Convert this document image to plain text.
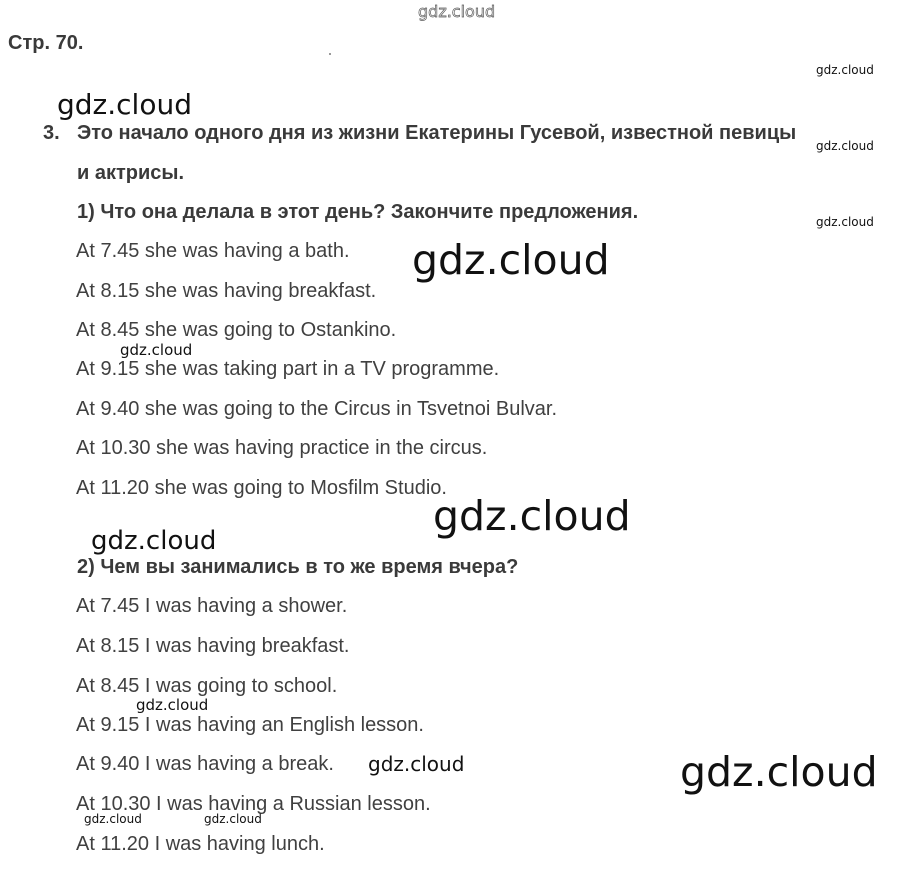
gdz.cloud
Стр. 70.
3. Это начало одного дня из жизни Екатерины Гусевой, известной певицы
и актрисы.
1) Что она делала в этот день? Закончите предложения.
At 7.45 she was having a bath.
At 8.15 she was having breakfast.
At 8.45 she was going to Ostankino.
At 9.15 she was taking part in a TV programme.
At 9.40 she was going to the Circus in Tsvetnoi Bulvar.
At 10.30 she was having practice in the circus.
At 11.20 she was going to Mosfilm Studio.
2) Чем вы занимались в то же время вчера?
At 7.45 I was having a shower.
At 8.15 I was having breakfast.
At 8.45 I was going to school.
At 9.15 I was having an English lesson.
At 9.40 I was having a break.
At 10.30 I was having a Russian lesson.
At 11.20 I was having lunch.
gdz.cloud
gdz.cloud
gdz.cloud
gdz.cloud
gdz.cloud
gdz.cloud
gdz.cloud
gdz.cloud
gdz.cloud
gdz.cloud	gdz.cloud
gdz.cloud	gdz.cloud
